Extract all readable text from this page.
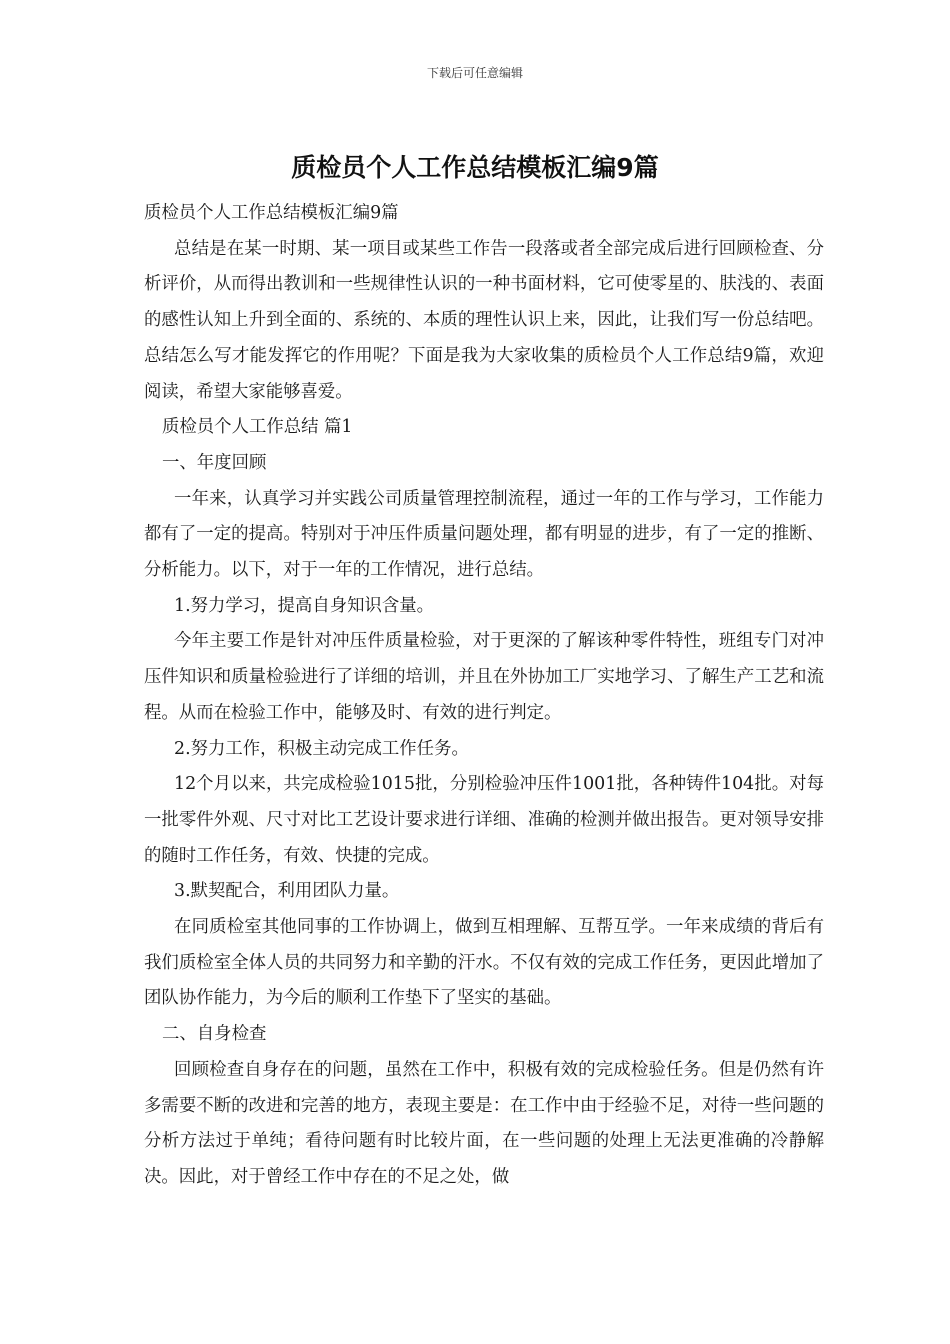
下载后可任意编辑
质检员个人工作总结模板汇编9篇

质检员个人工作总结模板汇编9篇

总结是在某一时期、某一项目或某些工作告一段落或者全部完成后进行回顾检查、分析评价，从而得出教训和一些规律性认识的一种书面材料，它可使零星的、肤浅的、表面的感性认知上升到全面的、系统的、本质的理性认识上来，因此，让我们写一份总结吧。总结怎么写才能发挥它的作用呢？下面是我为大家收集的质检员个人工作总结9篇，欢迎阅读，希望大家能够喜爱。

质检员个人工作总结 篇1

一、年度回顾

一年来，认真学习并实践公司质量管理控制流程，通过一年的工作与学习，工作能力都有了一定的提高。特别对于冲压件质量问题处理，都有明显的进步，有了一定的推断、分析能力。以下，对于一年的工作情况，进行总结。

1.努力学习，提高自身知识含量。

今年主要工作是针对冲压件质量检验，对于更深的了解该种零件特性，班组专门对冲压件知识和质量检验进行了详细的培训，并且在外协加工厂实地学习、了解生产工艺和流程。从而在检验工作中，能够及时、有效的进行判定。

2.努力工作，积极主动完成工作任务。

12个月以来，共完成检验1015批，分别检验冲压件1001批，各种铸件104批。对每一批零件外观、尺寸对比工艺设计要求进行详细、准确的检测并做出报告。更对领导安排的随时工作任务，有效、快捷的完成。

3.默契配合，利用团队力量。

在同质检室其他同事的工作协调上，做到互相理解、互帮互学。一年来成绩的背后有我们质检室全体人员的共同努力和辛勤的汗水。不仅有效的完成工作任务，更因此增加了团队协作能力，为今后的顺利工作垫下了坚实的基础。

二、自身检查

回顾检查自身存在的问题，虽然在工作中，积极有效的完成检验任务。但是仍然有许多需要不断的改进和完善的地方，表现主要是：在工作中由于经验不足，对待一些问题的分析方法过于单纯；看待问题有时比较片面，在一些问题的处理上无法更准确的冷静解决。因此，对于曾经工作中存在的不足之处，做
